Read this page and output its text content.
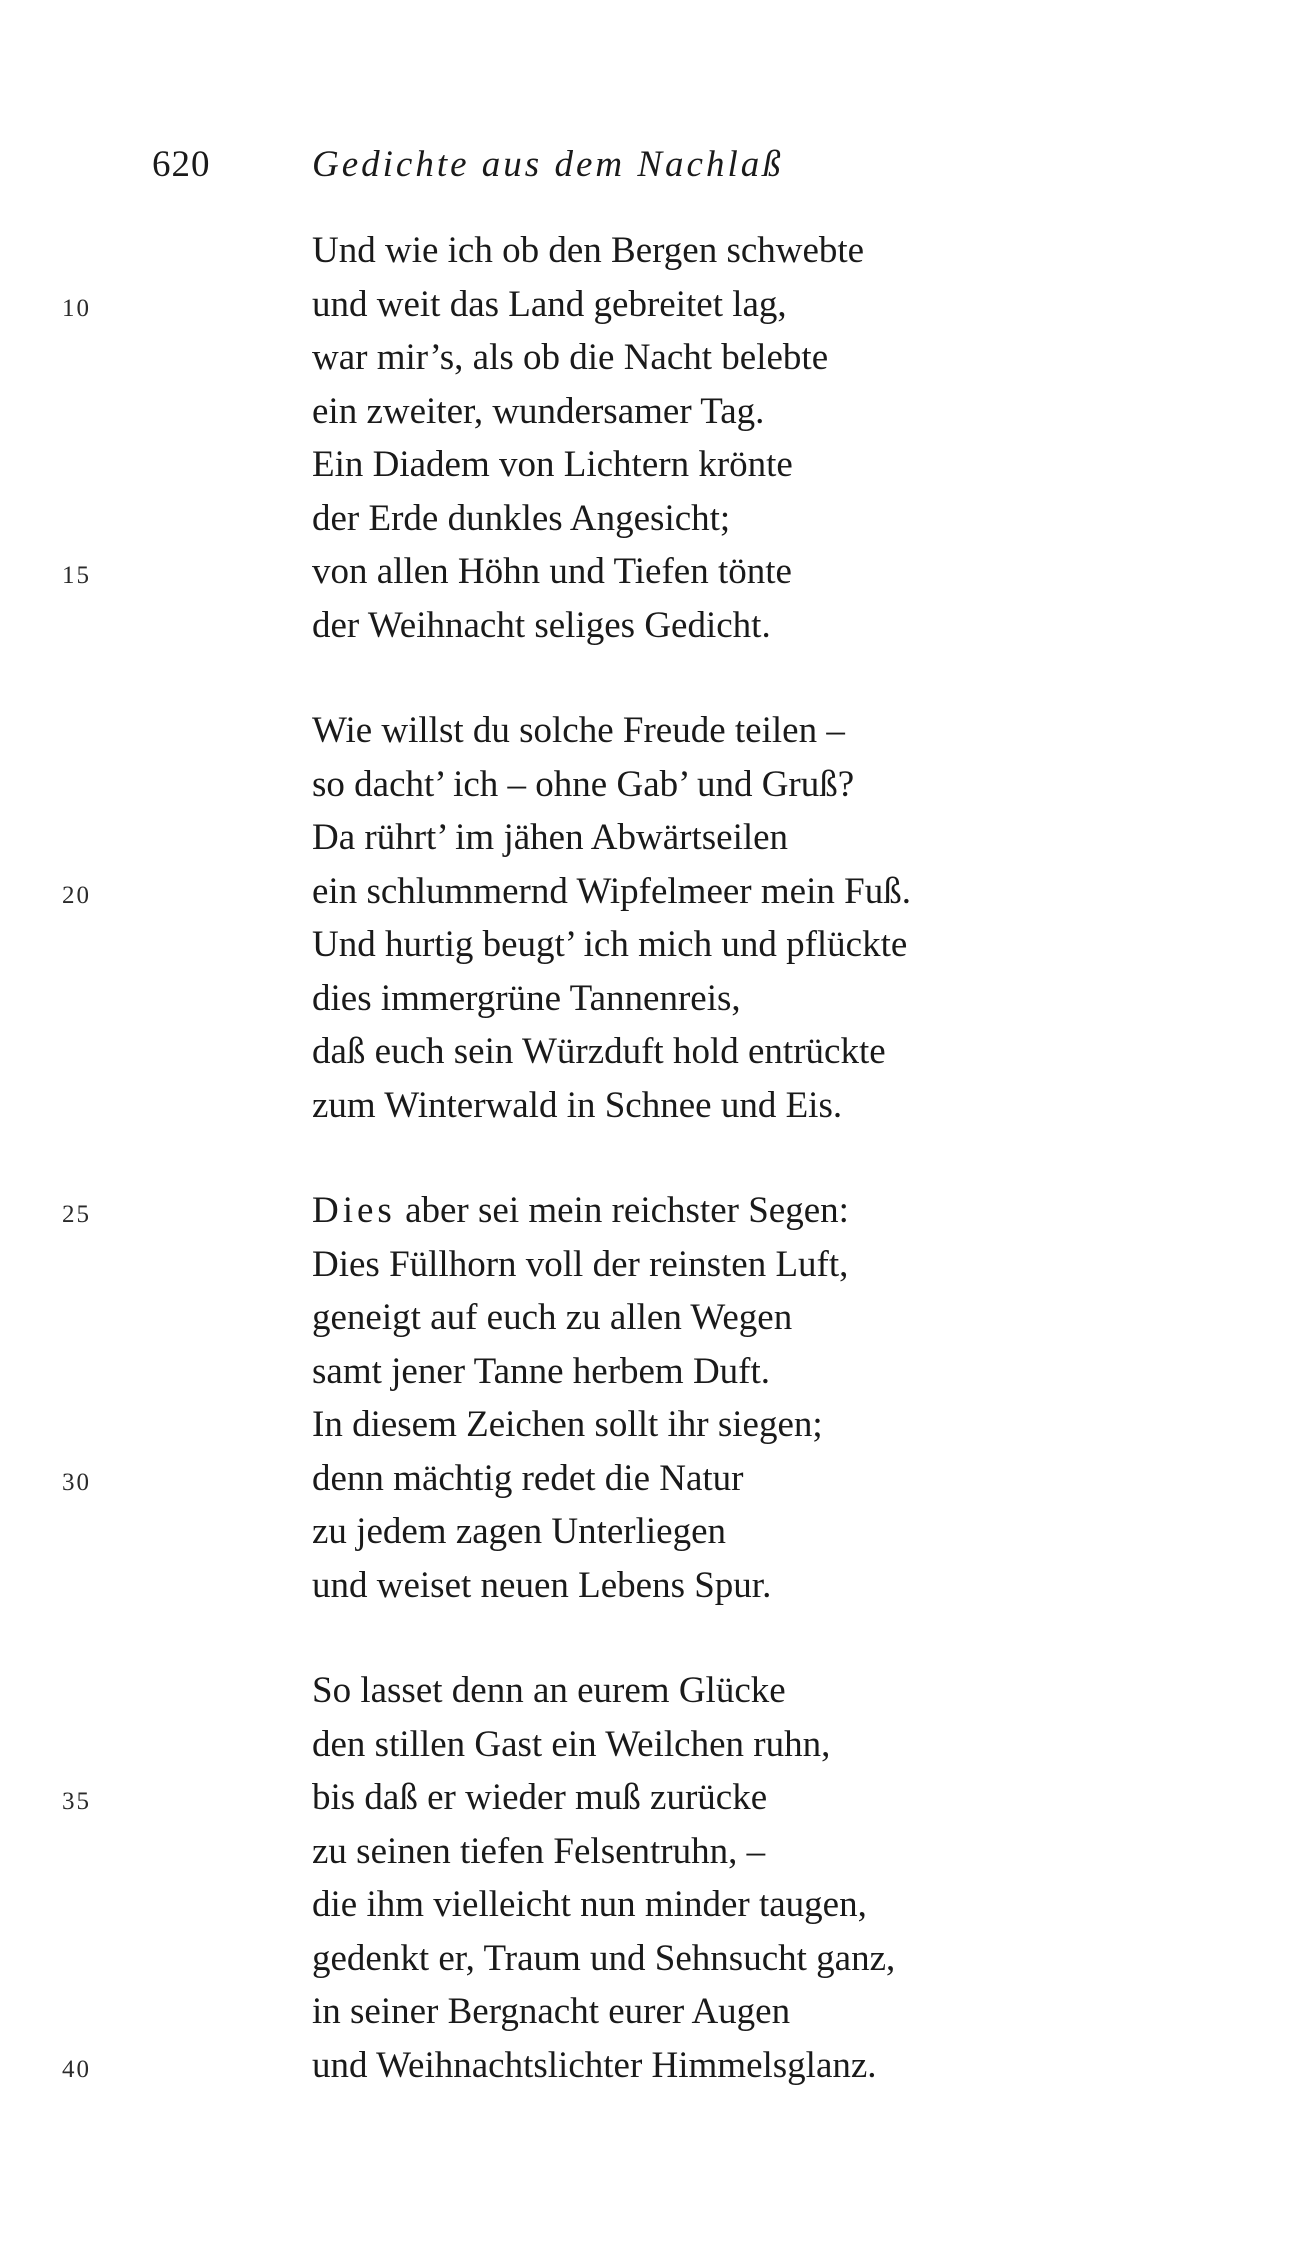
620	Gedichte aus dem Nachlaß
Und wie ich ob den Bergen schwebte
10	und weit das Land gebreitet lag,
war mir’s, als ob die Nacht belebte
ein zweiter, wundersamer Tag.
Ein Diadem von Lichtern krönte
der Erde dunkles Angesicht;
15	von allen Höhn und Tiefen tönte
der Weihnacht seliges Gedicht.
Wie willst du solche Freude teilen –
so dacht’ ich – ohne Gab’ und Gruß?
Da rührt’ im jähen Abwärtseilen
20	ein schlummernd Wipfelmeer mein Fuß.
Und hurtig beugt’ ich mich und pflückte
dies immergrüne Tannenreis,
daß euch sein Würzduft hold entrückte
zum Winterwald in Schnee und Eis.
25	Dies aber sei mein reichster Segen:
Dies Füllhorn voll der reinsten Luft,
geneigt auf euch zu allen Wegen
samt jener Tanne herbem Duft.
In diesem Zeichen sollt ihr siegen;
30	denn mächtig redet die Natur
zu jedem zagen Unterliegen
und weiset neuen Lebens Spur.
So lasset denn an eurem Glücke
den stillen Gast ein Weilchen ruhn,
35	bis daß er wieder muß zurücke
zu seinen tiefen Felsentruhn, –
die ihm vielleicht nun minder taugen,
gedenkt er, Traum und Sehnsucht ganz,
in seiner Bergnacht eurer Augen
40	und Weihnachtslichter Himmelsglanz.
